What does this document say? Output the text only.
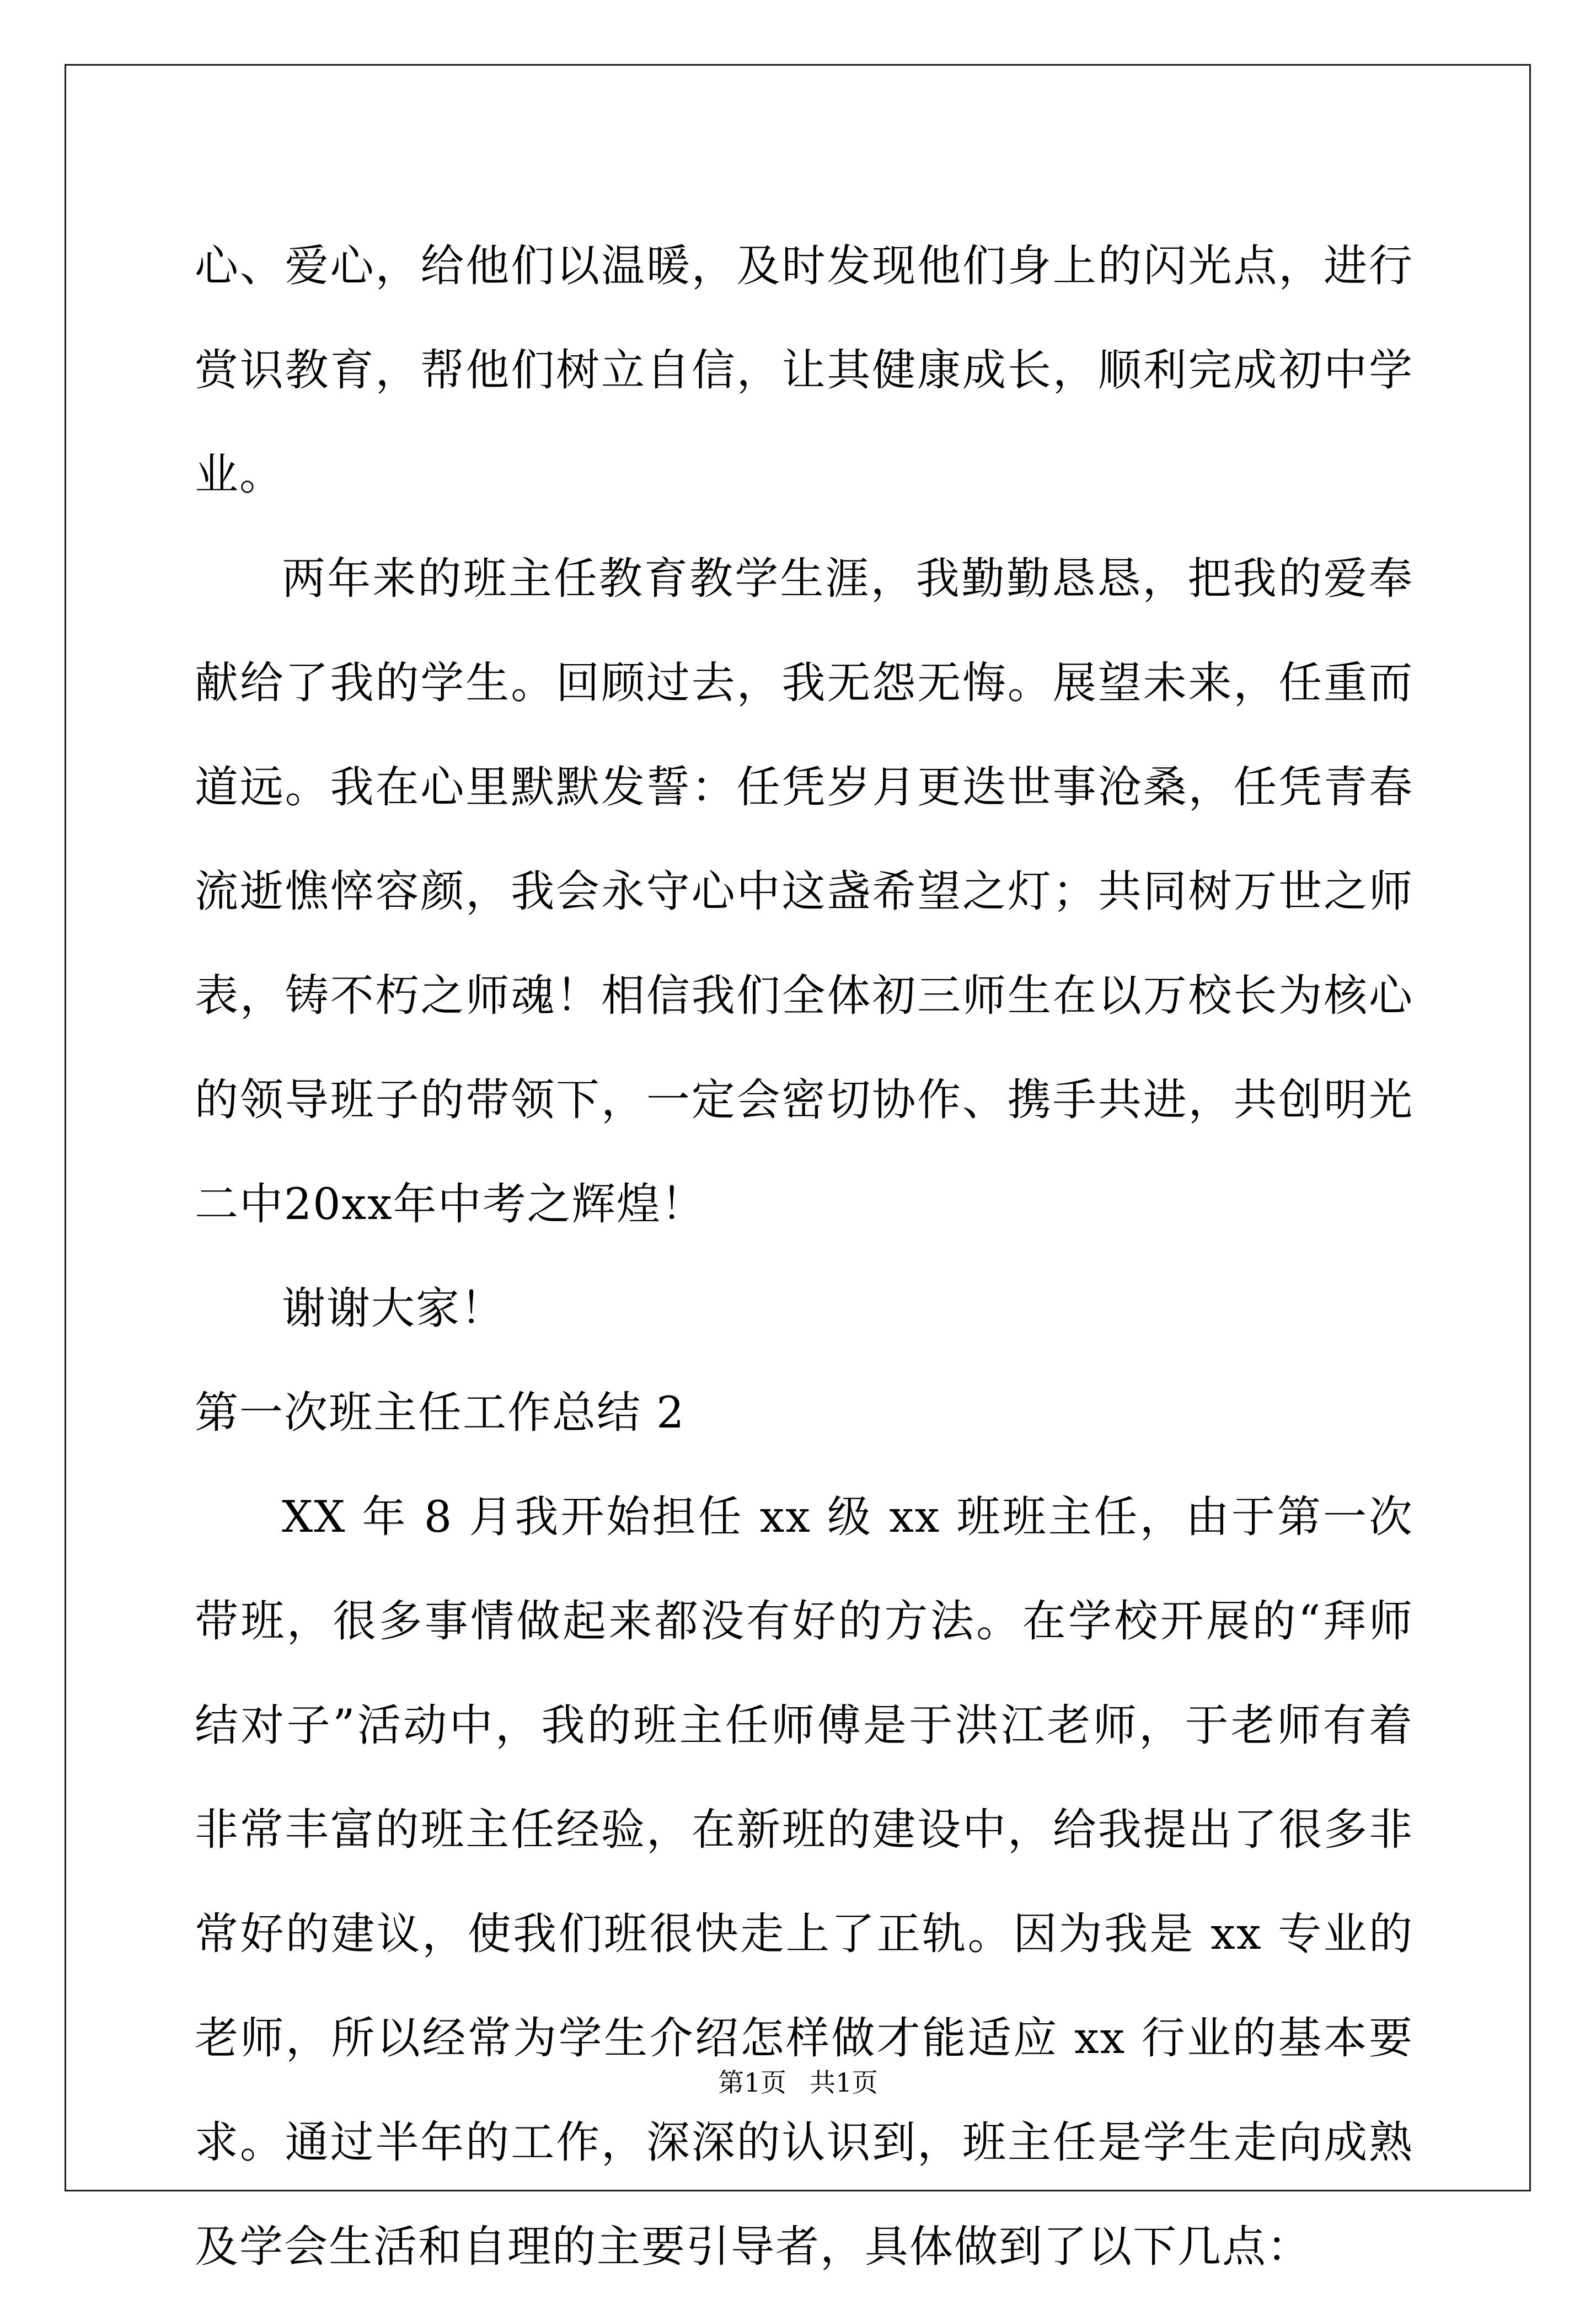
心、爱心，给他们以温暖，及时发现他们身上的闪光点，进行赏识教育，帮他们树立自信，让其健康成长，顺利完成初中学业。

两年来的班主任教育教学生涯，我勤勤恳恳，把我的爱奉献给了我的学生。回顾过去，我无怨无悔。展望未来，任重而道远。我在心里默默发誓：任凭岁月更迭世事沧桑，任凭青春流逝憔悴容颜，我会永守心中这盏希望之灯；共同树万世之师表，铸不朽之师魂！相信我们全体初三师生在以万校长为核心的领导班子的带领下，一定会密切协作、携手共进，共创明光二中20xx年中考之辉煌！

谢谢大家！

第一次班主任工作总结 2

XX 年 8 月我开始担任 xx 级 xx 班班主任，由于第一次带班，很多事情做起来都没有好的方法。在学校开展的“拜师结对子”活动中，我的班主任师傅是于洪江老师，于老师有着非常丰富的班主任经验，在新班的建设中，给我提出了很多非常好的建议，使我们班很快走上了正轨。因为我是 xx 专业的老师，所以经常为学生介绍怎样做才能适应 xx 行业的基本要求。通过半年的工作，深深的认识到，班主任是学生走向成熟及学会生活和自理的主要引导者，具体做到了以下几点：

第1页 共1页
